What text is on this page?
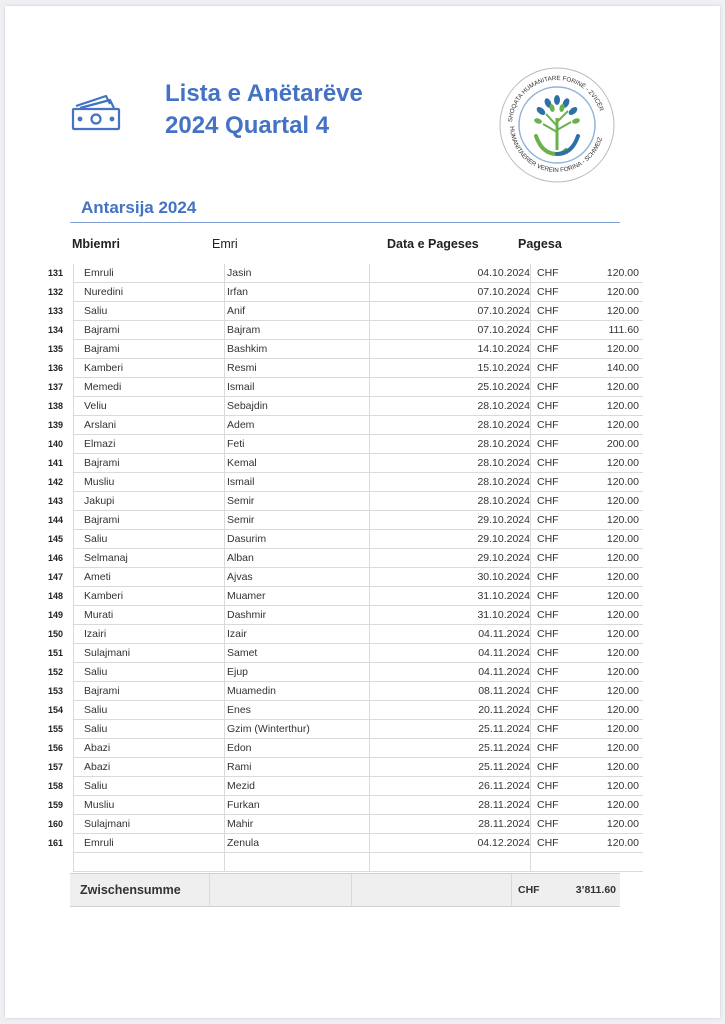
Lista e Anëtarëve
2024 Quartal 4	SHOQATA HUMANITARE FORINË - ZVICËR
HUMANITAERER VEREIN FORINA - SCHWEIZ
Antarsija 2024
Mbiemri	Emri	Data e Pageses	Pagesa
131	Emruli	Jasin	04.10.2024	CHF	120.00
132	Nuredini	Irfan	07.10.2024	CHF	120.00
133	Saliu	Anif	07.10.2024	CHF	120.00
134	Bajrami	Bajram	07.10.2024	CHF	111.60
135	Bajrami	Bashkim	14.10.2024	CHF	120.00
136	Kamberi	Resmi	15.10.2024	CHF	140.00
137	Memedi	Ismail	25.10.2024	CHF	120.00
138	Veliu	Sebajdin	28.10.2024	CHF	120.00
139	Arslani	Adem	28.10.2024	CHF	120.00
140	Elmazi	Feti	28.10.2024	CHF	200.00
141	Bajrami	Kemal	28.10.2024	CHF	120.00
142	Musliu	Ismail	28.10.2024	CHF	120.00
143	Jakupi	Semir	28.10.2024	CHF	120.00
144	Bajrami	Semir	29.10.2024	CHF	120.00
145	Saliu	Dasurim	29.10.2024	CHF	120.00
146	Selmanaj	Alban	29.10.2024	CHF	120.00
147	Ameti	Ajvas	30.10.2024	CHF	120.00
148	Kamberi	Muamer	31.10.2024	CHF	120.00
149	Murati	Dashmir	31.10.2024	CHF	120.00
150	Izairi	Izair	04.11.2024	CHF	120.00
151	Sulajmani	Samet	04.11.2024	CHF	120.00
152	Saliu	Ejup	04.11.2024	CHF	120.00
153	Bajrami	Muamedin	08.11.2024	CHF	120.00
154	Saliu	Enes	20.11.2024	CHF	120.00
155	Saliu	Gzim (Winterthur)	25.11.2024	CHF	120.00
156	Abazi	Edon	25.11.2024	CHF	120.00
157	Abazi	Rami	25.11.2024	CHF	120.00
158	Saliu	Mezid	26.11.2024	CHF	120.00
159	Musliu	Furkan	28.11.2024	CHF	120.00
160	Sulajmani	Mahir	28.11.2024	CHF	120.00
161	Emruli	Zenula	04.12.2024	CHF	120.00

Zwischensumme	CHF	3’811.60
